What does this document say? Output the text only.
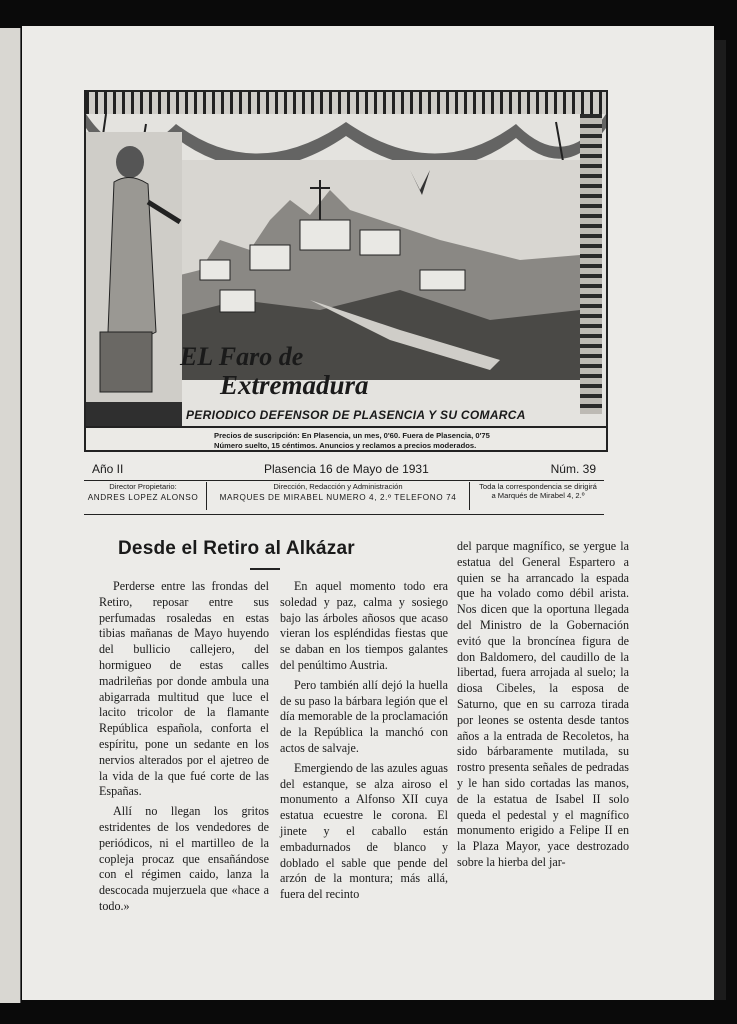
EL Faro de
Extremadura
PERIODICO DEFENSOR DE PLASENCIA Y SU COMARCA
Precios de suscripción: En Plasencia, un mes, 0'60. Fuera de Plasencia, 0'75
Número suelto, 15 céntimos. Anuncios y reclamos a precios moderados.
Año II	Plasencia 16 de Mayo de 1931	Núm. 39
Director Propietario:
ANDRES LOPEZ ALONSO
Dirección, Redacción y Administración
MARQUES DE MIRABEL NUMERO 4, 2.º TELEFONO 74
Toda la correspondencia se dirigirá
a Marqués de Mirabel 4, 2.º
Desde el Retiro al Alkázar

Perderse entre las frondas del Retiro, reposar entre sus perfumadas rosaledas en estas tibias mañanas de Mayo huyendo del bullicio callejero, del hormigueo de estas calles madrileñas por donde ambula una abigarrada multitud que luce el lacito tricolor de la flamante República española, conforta el espíritu, pone un sedante en los nervios alterados por el ajetreo de la vida de la que fué corte de las Españas.

Allí no llegan los gritos estridentes de los vendedores de periódicos, ni el martilleo de la copleja procaz que ensañándose con el régimen caido, lanza la descocada mujerzuela que «hace a todo.»

En aquel momento todo era soledad y paz, calma y sosiego bajo las árboles añosos que acaso vieran los espléndidas fiestas que se daban en los tiempos galantes del penúltimo Austria.

Pero también allí dejó la huella de su paso la bárbara legión que el día memorable de la proclamación de la República la manchó con actos de salvaje.

Emergiendo de las azules aguas del estanque, se alza airoso el monumento a Alfonso XII cuya estatua ecuestre le corona. El jinete y el caballo están embadurnados de blanco y doblado el sable que pende del arzón de la montura; más allá, fuera del recinto

del parque magnífico, se yergue la estatua del General Espartero a quien se ha arrancado la espada que ha volado como débil arista. Nos dicen que la oportuna llegada del Ministro de la Gobernación evitó que la broncínea figura de don Baldomero, del caudillo de la libertad, fuera arrojada al suelo; la diosa Cibeles, la esposa de Saturno, que en su carroza tirada por leones se ostenta desde tantos años a la entrada de Recoletos, ha sido bárbaramente mutilada, su rostro presenta señales de pedradas y le han sido cortadas las manos, de la estatua de Isabel II solo queda el pedestal y el magnífico monumento erigido a Felipe II en la Plaza Mayor, yace destrozado sobre la hierba del jar-
